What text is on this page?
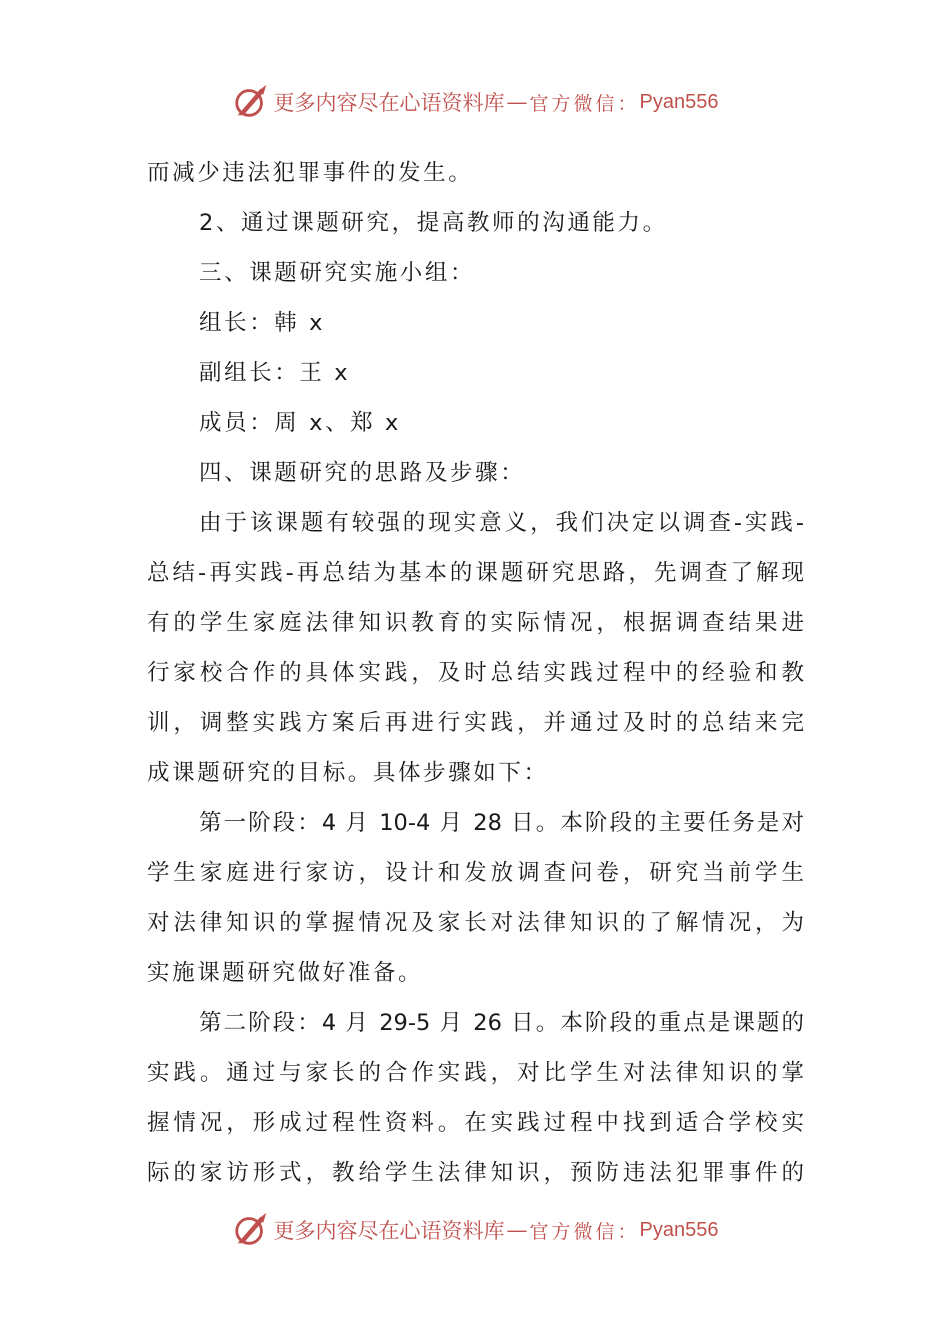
更多内容尽在心语资料库 — 官方微信： Pyan556
而减少违法犯罪事件的发生。
2、通过课题研究，提高教师的沟通能力。
三、课题研究实施小组：
组长：韩 x
副组长：王 x
成员：周 x、郑 x
四、课题研究的思路及步骤：
由于该课题有较强的现实意义，我们决定以调查-实践-
总结-再实践-再总结为基本的课题研究思路，先调查了解现
有的学生家庭法律知识教育的实际情况，根据调查结果进
行家校合作的具体实践，及时总结实践过程中的经验和教
训，调整实践方案后再进行实践，并通过及时的总结来完
成课题研究的目标。具体步骤如下：
第一阶段：4 月 10-4 月 28 日。本阶段的主要任务是对
学生家庭进行家访，设计和发放调查问卷，研究当前学生
对法律知识的掌握情况及家长对法律知识的了解情况，为
实施课题研究做好准备。
第二阶段：4 月 29-5 月 26 日。本阶段的重点是课题的
实践。通过与家长的合作实践，对比学生对法律知识的掌
握情况，形成过程性资料。在实践过程中找到适合学校实
际的家访形式，教给学生法律知识，预防违法犯罪事件的
更多内容尽在心语资料库 — 官方微信： Pyan556
